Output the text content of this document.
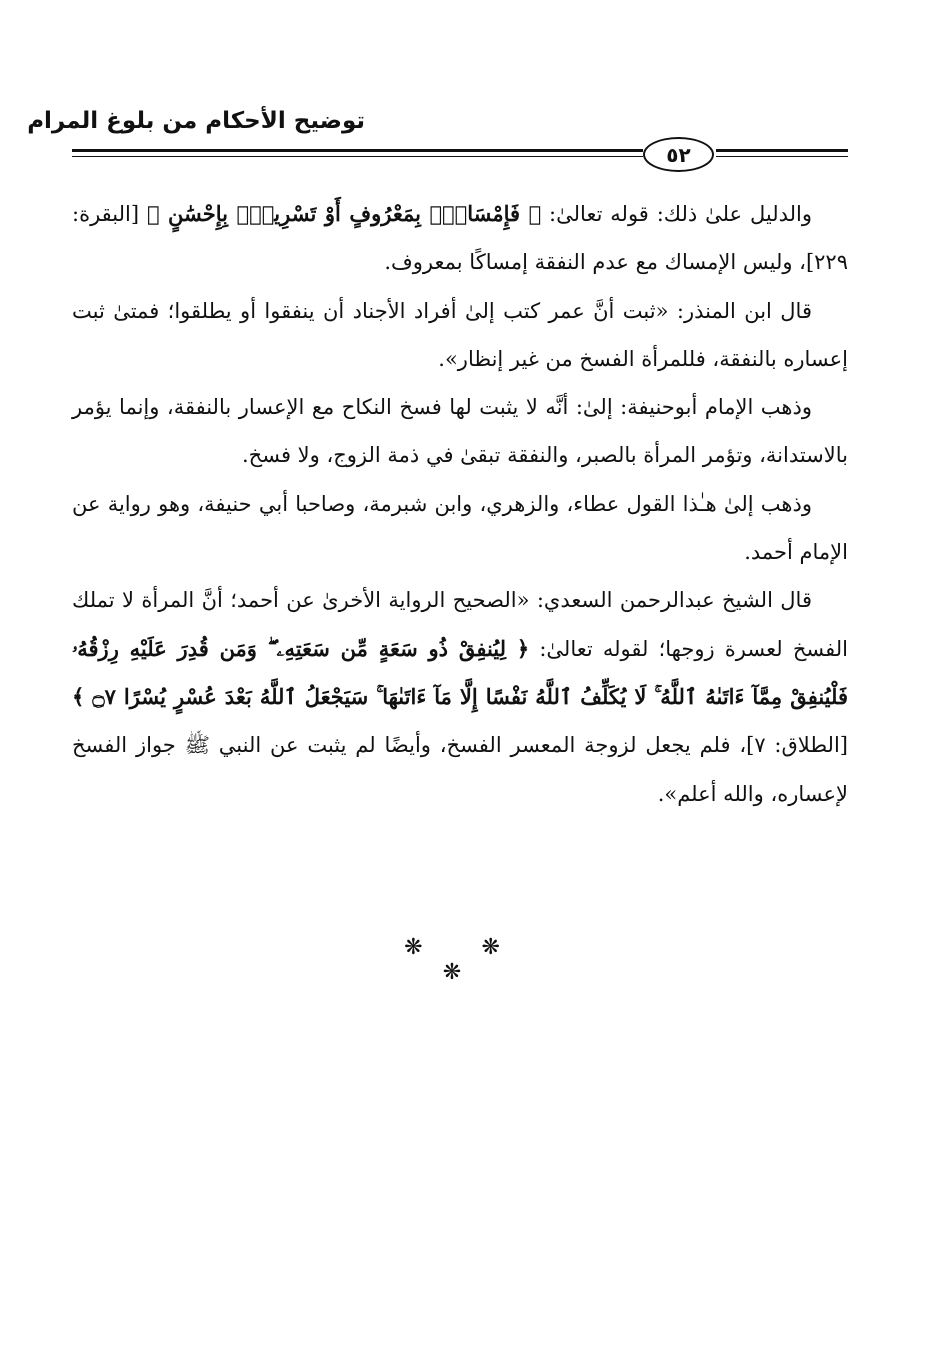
توضيح الأحكام من بلوغ المرام
٥٢

والدليل علىٰ ذلك: قوله تعالىٰ: ﴿ فَإِمْسَاكٌۢ بِمَعْرُوفٍ أَوْ تَسْرِيحٌۢ بِإِحْسَٰنٍ ﴾ [البقرة: ٢٢٩]، وليس الإمساك مع عدم النفقة إمساكًا بمعروف.

قال ابن المنذر: «ثبت أنَّ عمر كتب إلىٰ أفراد الأجناد أن ينفقوا أو يطلقوا؛ فمتىٰ ثبت إعساره بالنفقة، فللمرأة الفسخ من غير إنظار».

وذهب الإمام أبوحنيفة: إلىٰ: أنَّه لا يثبت لها فسخ النكاح مع الإعسار بالنفقة، وإنما يؤمر بالاستدانة، وتؤمر المرأة بالصبر، والنفقة تبقىٰ في ذمة الزوج، ولا فسخ.

وذهب إلىٰ هـٰذا القول عطاء، والزهري، وابن شبرمة، وصاحبا أبي حنيفة، وهو رواية عن الإمام أحمد.

قال الشيخ عبدالرحمن السعدي: «الصحيح الرواية الأخرىٰ عن أحمد؛ أنَّ المرأة لا تملك الفسخ لعسرة زوجها؛ لقوله تعالىٰ: ﴿ لِيُنفِقْ ذُو سَعَةٍ مِّن سَعَتِهِۦ ۖ وَمَن قُدِرَ عَلَيْهِ رِزْقُهُۥ فَلْيُنفِقْ مِمَّآ ءَاتَىٰهُ ٱللَّهُ ۚ لَا يُكَلِّفُ ٱللَّهُ نَفْسًا إِلَّا مَآ ءَاتَىٰهَا ۚ سَيَجْعَلُ ٱللَّهُ بَعْدَ عُسْرٍ يُسْرًا ۝٧ ﴾ [الطلاق: ٧]، فلم يجعل لزوجة المعسر الفسخ، وأيضًا لم يثبت عن النبي ﷺ جواز الفسخ لإعساره، والله أعلم».

❋ ❋ ❋
